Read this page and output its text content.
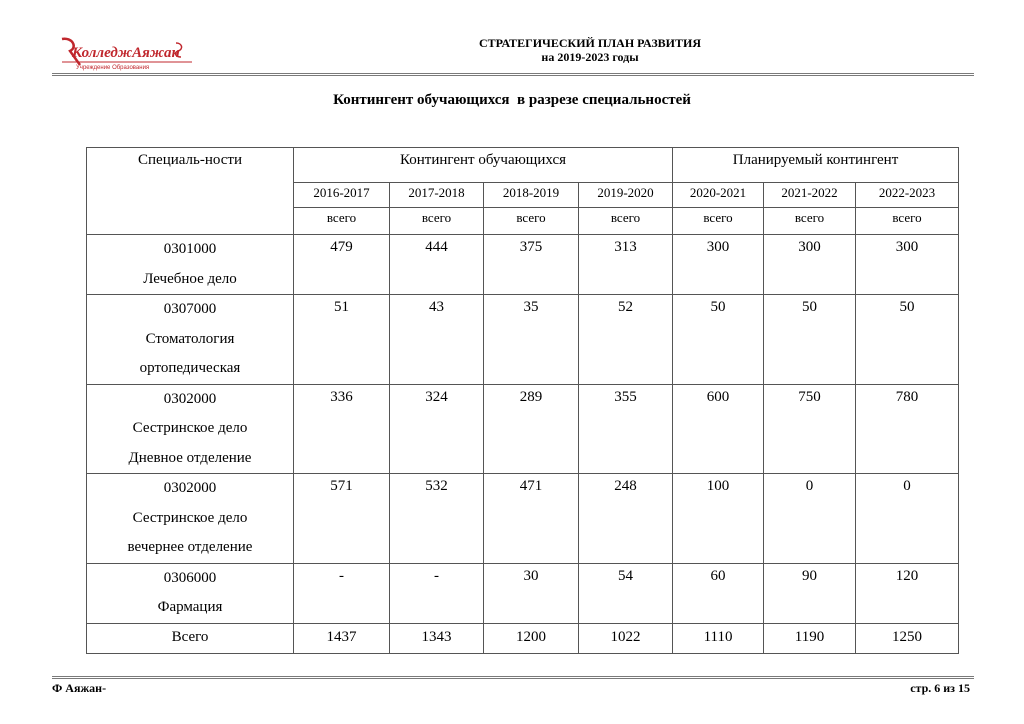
КолледжАяжан
Учреждение Образования
СТРАТЕГИЧЕСКИЙ ПЛАН РАЗВИТИЯ
на 2019-2023 годы
Контингент обучающихся  в разрезе специальностей
Специаль-ности	Контингент обучающихся				Планируемый контингент		
	2016-2017	2017-2018	2018-2019	2019-2020	2020-2021	2021-2022	2022-2023
	всего	всего	всего	всего	всего	всего	всего

0301000
Лечебное дело	479	444	375	313	300	300	300

0307000
Стоматология
ортопедическая	51	43	35	52	50	50	50

0302000
Сестринское дело
Дневное отделение	336	324	289	355	600	750	780

0302000
Сестринское дело
вечернее отделение	571	532	471	248	100	0	0

0306000
Фармация	-	-	30	54	60	90	120
Всего	1437	1343	1200	1022	1110	1190	1250
Ф Аяжан-	стр. 6 из 15
